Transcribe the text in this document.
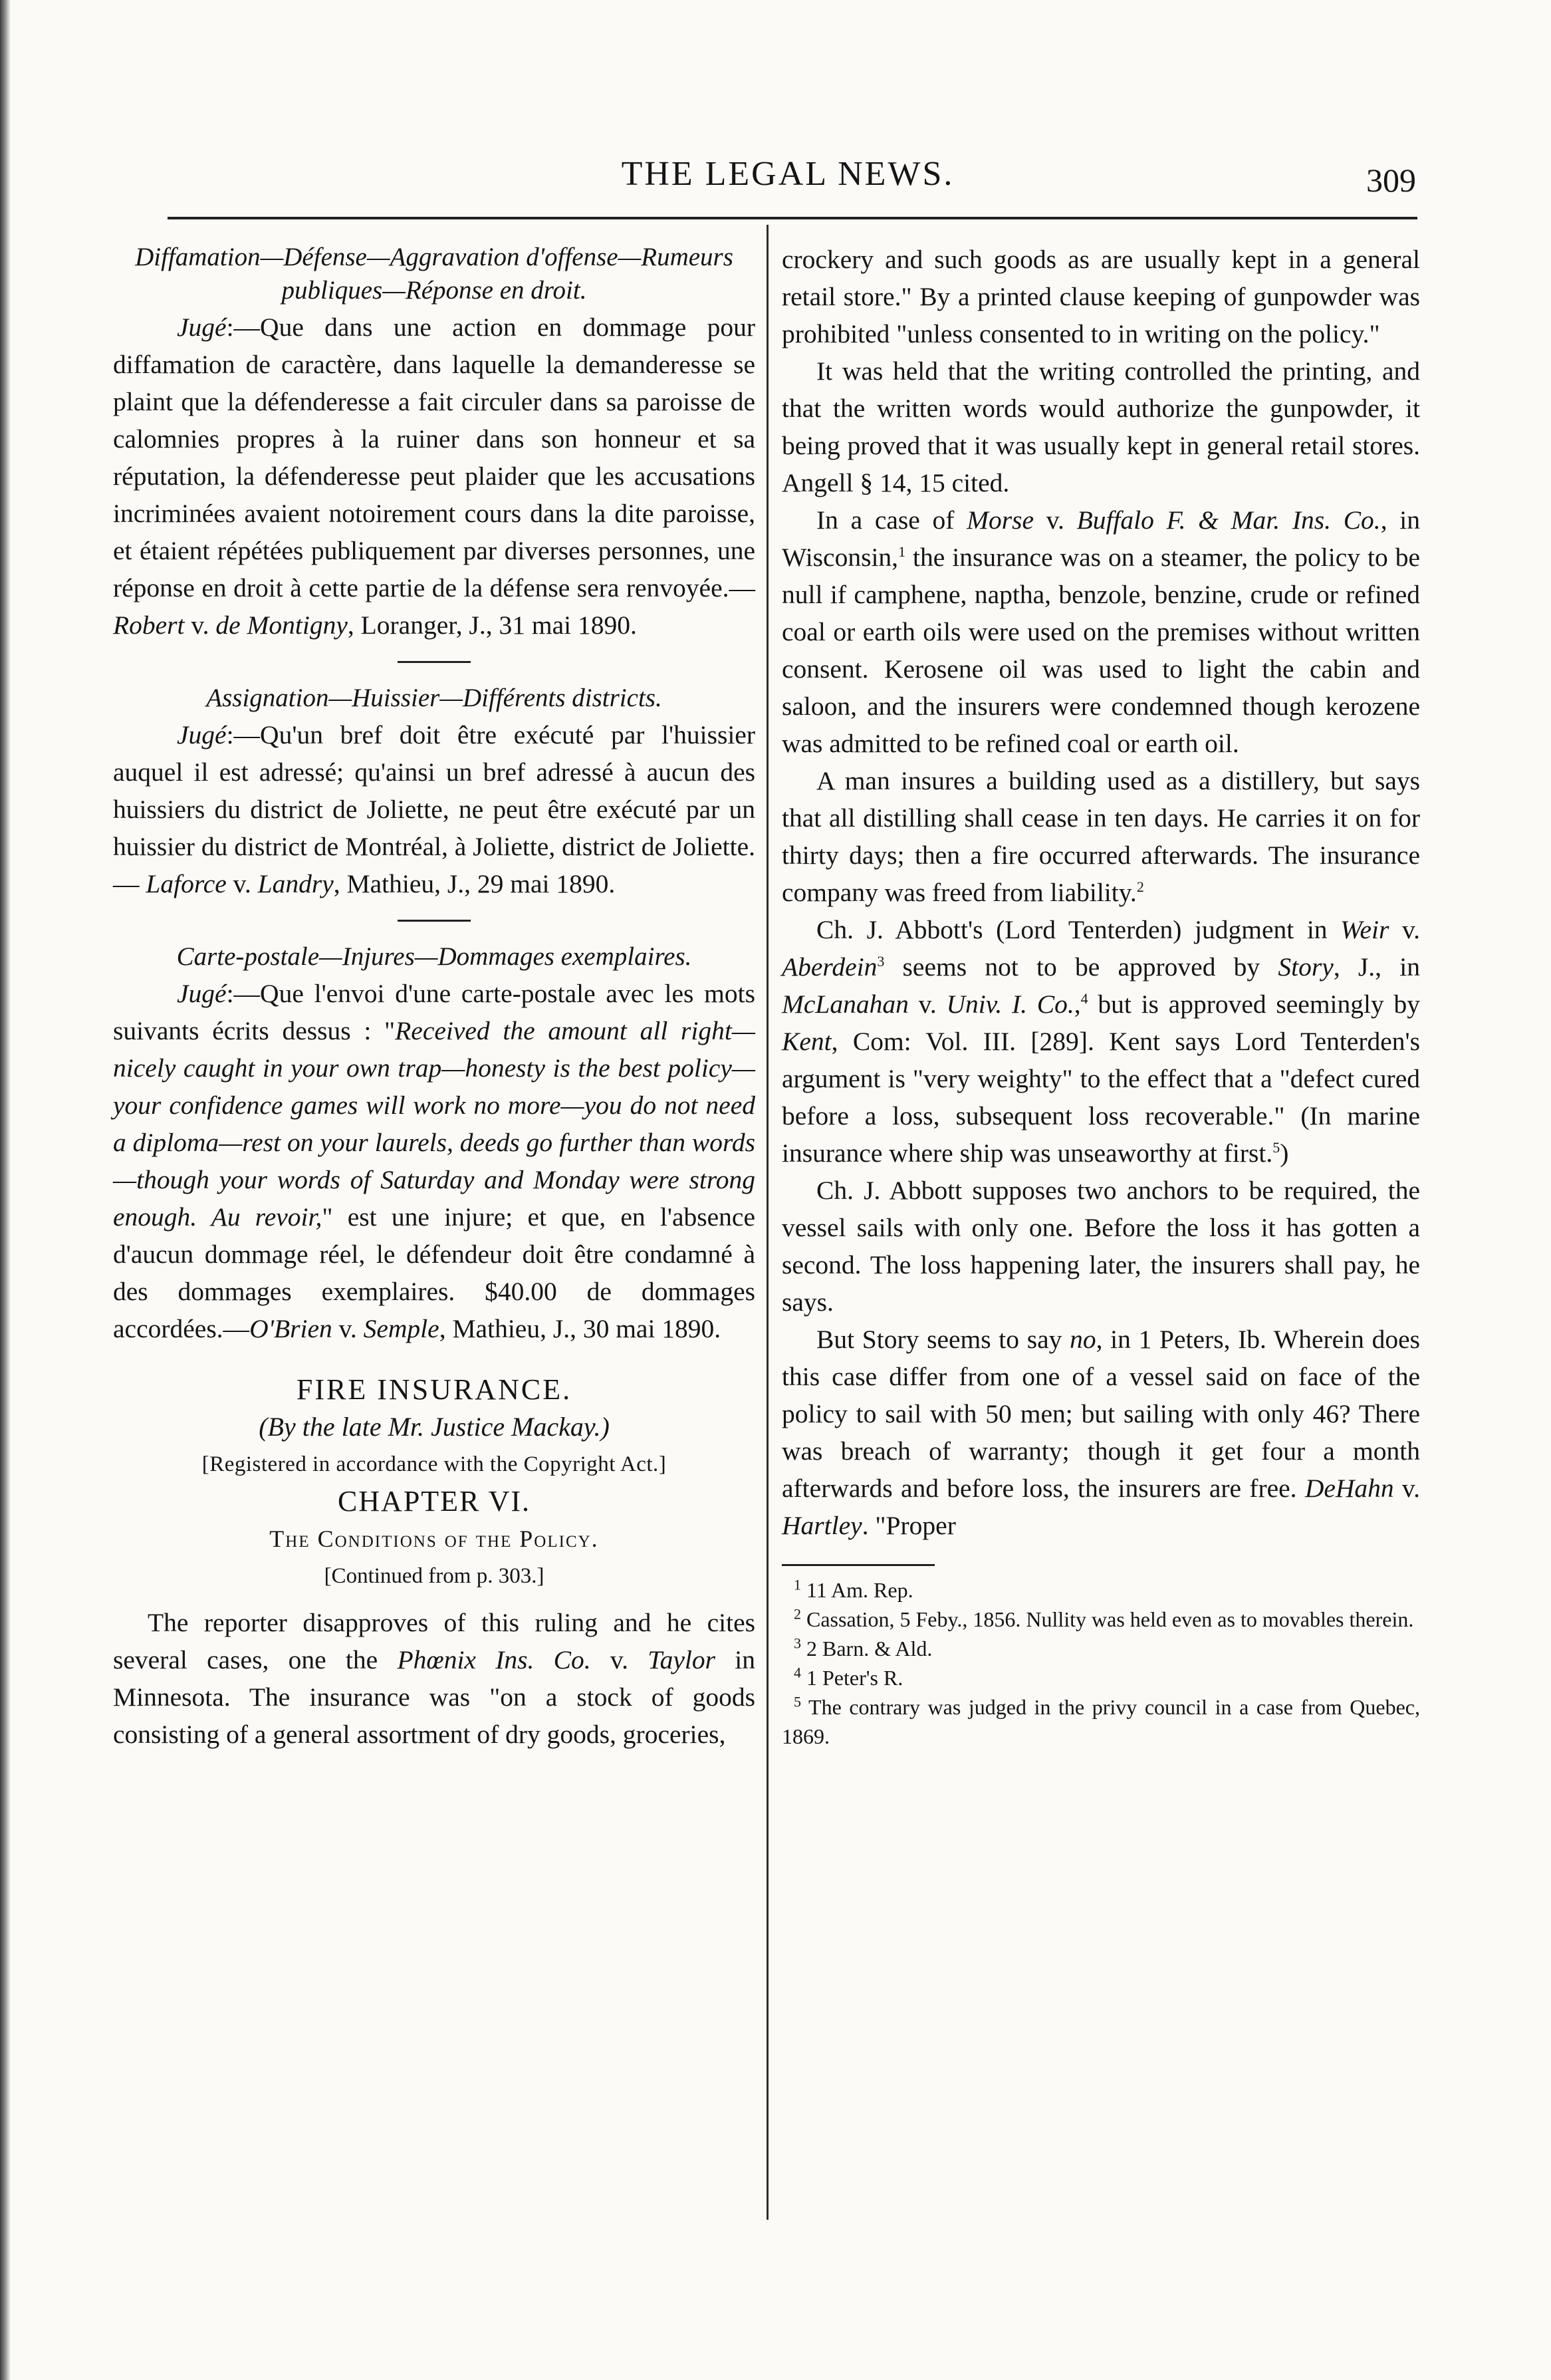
THE LEGAL NEWS.	309

Diffamation—Défense—Aggravation d'offense—Rumeurs publiques—Réponse en droit.

Jugé:—Que dans une action en dommage pour diffamation de caractère, dans laquelle la demanderesse se plaint que la défenderesse a fait circuler dans sa paroisse de calomnies propres à la ruiner dans son honneur et sa réputation, la défenderesse peut plaider que les accusations incriminées avaient notoirement cours dans la dite paroisse, et étaient répétées publiquement par diverses personnes, une réponse en droit à cette partie de la défense sera renvoyée.—Robert v. de Montigny, Loranger, J., 31 mai 1890.

Assignation—Huissier—Différents districts.

Jugé:—Qu'un bref doit être exécuté par l'huissier auquel il est adressé; qu'ainsi un bref adressé à aucun des huissiers du district de Joliette, ne peut être exécuté par un huissier du district de Montréal, à Joliette, district de Joliette. — Laforce v. Landry, Mathieu, J., 29 mai 1890.

Carte-postale—Injures—Dommages exemplaires.

Jugé:—Que l'envoi d'une carte-postale avec les mots suivants écrits dessus : "Received the amount all right—nicely caught in your own trap—honesty is the best policy—your confidence games will work no more—you do not need a diploma—rest on your laurels, deeds go further than words—though your words of Saturday and Monday were strong enough. Au revoir," est une injure; et que, en l'absence d'aucun dommage réel, le défendeur doit être condamné à des dommages exemplaires. $40.00 de dommages accordées.—O'Brien v. Semple, Mathieu, J., 30 mai 1890.

FIRE INSURANCE.

(By the late Mr. Justice Mackay.)

[Registered in accordance with the Copyright Act.]

CHAPTER VI.

The Conditions of the Policy.

[Continued from p. 303.]

The reporter disapproves of this ruling and he cites several cases, one the Phœnix Ins. Co. v. Taylor in Minnesota. The insurance was "on a stock of goods consisting of a general assortment of dry goods, groceries,

crockery and such goods as are usually kept in a general retail store." By a printed clause keeping of gunpowder was prohibited "unless consented to in writing on the policy."

It was held that the writing controlled the printing, and that the written words would authorize the gunpowder, it being proved that it was usually kept in general retail stores. Angell § 14, 15 cited.

In a case of Morse v. Buffalo F. & Mar. Ins. Co., in Wisconsin,$^1$ the insurance was on a steamer, the policy to be null if camphene, naptha, benzole, benzine, crude or refined coal or earth oils were used on the premises without written consent. Kerosene oil was used to light the cabin and saloon, and the insurers were condemned though kerozene was admitted to be refined coal or earth oil.

A man insures a building used as a distillery, but says that all distilling shall cease in ten days. He carries it on for thirty days; then a fire occurred afterwards. The insurance company was freed from liability.$^2$

Ch. J. Abbott's (Lord Tenterden) judgment in Weir v. Aberdein$^3$ seems not to be approved by Story, J., in McLanahan v. Univ. I. Co.,$^4$ but is approved seemingly by Kent, Com: Vol. III. [289]. Kent says Lord Tenterden's argument is "very weighty" to the effect that a "defect cured before a loss, subsequent loss recoverable." (In marine insurance where ship was unseaworthy at first.$^5$)

Ch. J. Abbott supposes two anchors to be required, the vessel sails with only one. Before the loss it has gotten a second. The loss happening later, the insurers shall pay, he says.

But Story seems to say no, in 1 Peters, Ib. Wherein does this case differ from one of a vessel said on face of the policy to sail with 50 men; but sailing with only 46? There was breach of warranty; though it get four a month afterwards and before loss, the insurers are free. DeHahn v. Hartley. "Proper

$^1$ 11 Am. Rep.

$^2$ Cassation, 5 Feby., 1856. Nullity was held even as to movables therein.

$^3$ 2 Barn. & Ald.

$^4$ 1 Peter's R.

$^5$ The contrary was judged in the privy council in a case from Quebec, 1869.
